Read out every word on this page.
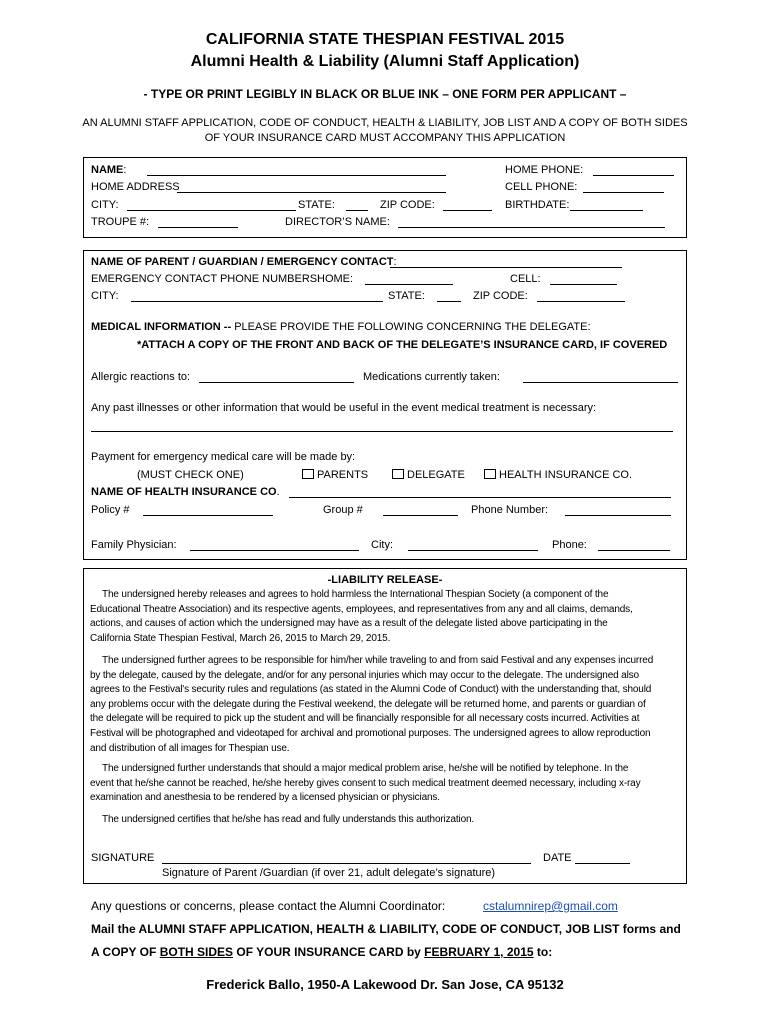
CALIFORNIA STATE THESPIAN FESTIVAL 2015
Alumni Health & Liability (Alumni Staff Application)
- TYPE OR PRINT LEGIBLY IN BLACK OR BLUE INK – ONE FORM PER APPLICANT –
AN ALUMNI STAFF APPLICATION, CODE OF CONDUCT, HEALTH & LIABILITY, JOB LIST AND A COPY OF BOTH SIDES
OF YOUR INSURANCE CARD MUST ACCOMPANY THIS APPLICATION
NAME:	HOME PHONE:
HOME ADDRESS	CELL PHONE:
CITY:	STATE:	ZIP CODE:	BIRTHDATE:
TROUPE #:	DIRECTOR’S NAME:
NAME OF PARENT / GUARDIAN / EMERGENCY CONTACT:
EMERGENCY CONTACT PHONE NUMBERS:
HOME:	CELL:
CITY:	STATE:	ZIP CODE:
MEDICAL INFORMATION -- PLEASE PROVIDE THE FOLLOWING CONCERNING THE DELEGATE:
*ATTACH A COPY OF THE FRONT AND BACK OF THE DELEGATE’S INSURANCE CARD, IF COVERED
Allergic reactions to:	Medications currently taken:
Any past illnesses or other information that would be useful in the event medical treatment is necessary:
Payment for emergency medical care will be made by:
(MUST CHECK ONE)	PARENTS	DELEGATE	HEALTH INSURANCE CO.
NAME OF HEALTH INSURANCE CO.
Policy #	Group #	Phone Number:
Family Physician:	City:	Phone:
-LIABILITY RELEASE-
The undersigned hereby releases and agrees to hold harmless the International Thespian Society (a component of the
Educational Theatre Association) and its respective agents, employees, and representatives from any and all claims, demands,
actions, and causes of action which the undersigned may have as a result of the delegate listed above participating in the
California State Thespian Festival, March 26, 2015 to March 29, 2015.
The undersigned further agrees to be responsible for him/her while traveling to and from said Festival and any expenses incurred
by the delegate, caused by the delegate, and/or for any personal injuries which may occur to the delegate. The undersigned also
agrees to the Festival's security rules and regulations (as stated in the Alumni Code of Conduct) with the understanding that, should
any problems occur with the delegate during the Festival weekend, the delegate will be returned home, and parents or guardian of
the delegate will be required to pick up the student and will be financially responsible for all necessary costs incurred. Activities at
Festival will be photographed and videotaped for archival and promotional purposes. The undersigned agrees to allow reproduction
and distribution of all images for Thespian use.
The undersigned further understands that should a major medical problem arise, he/she will be notified by telephone. In the
event that he/she cannot be reached, he/she hereby gives consent to such medical treatment deemed necessary, including x-ray
examination and anesthesia to be rendered by a licensed physician or physicians.
The undersigned certifies that he/she has read and fully understands this authorization.
SIGNATURE	DATE
Signature of Parent /Guardian (if over 21, adult delegate’s signature)
Any questions or concerns, please contact the Alumni Coordinator:	cstalumnirep@gmail.com
Mail the ALUMNI STAFF APPLICATION, HEALTH & LIABILITY, CODE OF CONDUCT, JOB LIST forms and
A COPY OF BOTH SIDES OF YOUR INSURANCE CARD by FEBRUARY 1, 2015 to:
Frederick Ballo, 1950-A Lakewood Dr. San Jose, CA 95132
